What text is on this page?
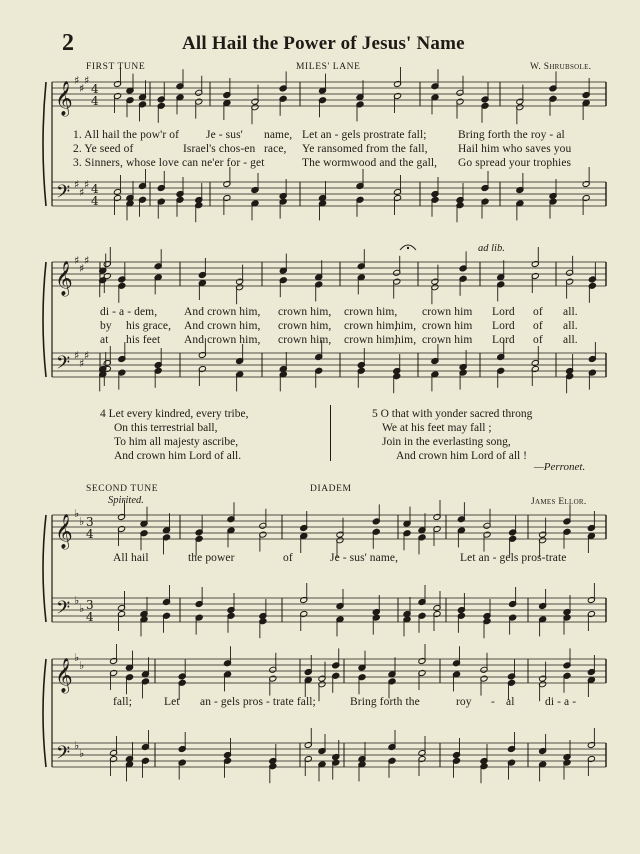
2	All Hail the Power of Jesus' Name
FIRST TUNE	MILES' LANE	W. Shrubsole.
𝄞
𝄢
♯
♯
♯
♯
♯
♯
4
4
4
4
𝄞
𝄢
♯
♯
♯
♯
♯
♯
𝄞
𝄢
♭
♭
♭
♭
3
4
3
4
𝄞
𝄢
♭
♭
♭
♭
1. All hail the pow'r of Je - sus' name, Let an - gels prostrate fall;	Bring forth the roy - al
2. Ye seed of	Israel's chos-en race, Ye ransomed from the fall,	Hail him who saves you
3. Sinners, whose love can ne'er for - get	The wormwood and the gall, Go spread your trophies
ad lib.
di - a - dem, And crown him, crown him, crown him, crown him Lord of all.
by his grace, And crown him, crown him, crown him,
him, crown him Lord of all.
at his feet And crown him, crown him, crown him,
him, crown him Lord of all.
4 Let every kindred, every tribe,
On this terrestrial ball,
To him all majesty ascribe,
And crown him Lord of all.
5 O that with yonder sacred throng
We at his feet may fall ;
Join in the everlasting song,
And crown him Lord of all !
—Perronet.
SECOND TUNE	DIADEM
James Ellor.
Spirited.
All hail	the power	of	Je - sus' name,	Let an - gels pros-trate
fall;	Let an - gels pros - trate fall;	Bring forth the	roy - al	di - a -
